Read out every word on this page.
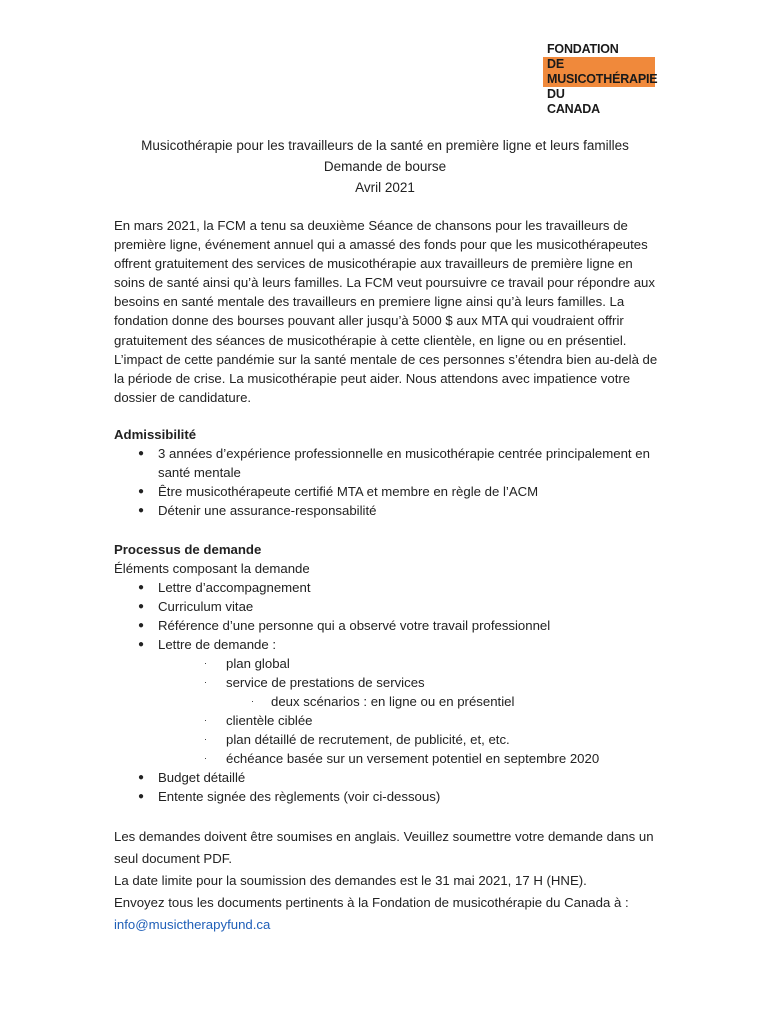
FONDATION
DE
MUSICOTHÉRAPIE
DU
CANADA
Musicothérapie pour les travailleurs de la santé en première ligne et leurs familles
Demande de bourse
Avril 2021

En mars 2021, la FCM a tenu sa deuxième Séance de chansons pour les travailleurs de première ligne, événement annuel qui a amassé des fonds pour que les musicothérapeutes offrent gratuitement des services de musicothérapie aux travailleurs de première ligne en soins de santé ainsi qu’à leurs familles. La FCM veut poursuivre ce travail pour répondre aux besoins en santé mentale des travailleurs en premiere ligne ainsi qu’à leurs familles. La fondation donne des bourses pouvant aller jusqu’à 5000 $ aux MTA qui voudraient offrir gratuitement des séances de musicothérapie à cette clientèle, en ligne ou en présentiel. L’impact de cette pandémie sur la santé mentale de ces personnes s’étendra bien au-delà de la période de crise. La musicothérapie peut aider. Nous attendons avec impatience votre dossier de candidature.

Admissibilité

● 3 années d’expérience professionnelle en musicothérapie centrée principalement en santé mentale
● Être musicothérapeute certifié MTA et membre en règle de l’ACM
● Détenir une assurance-responsabilité

Processus de demande

Éléments composant la demande

● Lettre d’accompagnement
● Curriculum vitae
● Référence d’une personne qui a observé votre travail professionnel
● Lettre de demande :
· plan global
· service de prestations de services
· deux scénarios : en ligne ou en présentiel
· clientèle ciblée
· plan détaillé de recrutement, de publicité, et, etc.
· échéance basée sur un versement potentiel en septembre 2020
● Budget détaillé
● Entente signée des règlements (voir ci-dessous)

Les demandes doivent être soumises en anglais. Veuillez soumettre votre demande dans un seul document PDF.

La date limite pour la soumission des demandes est le 31 mai 2021, 17 H (HNE).

Envoyez tous les documents pertinents à la Fondation de musicothérapie du Canada à :

info@musictherapyfund.ca
